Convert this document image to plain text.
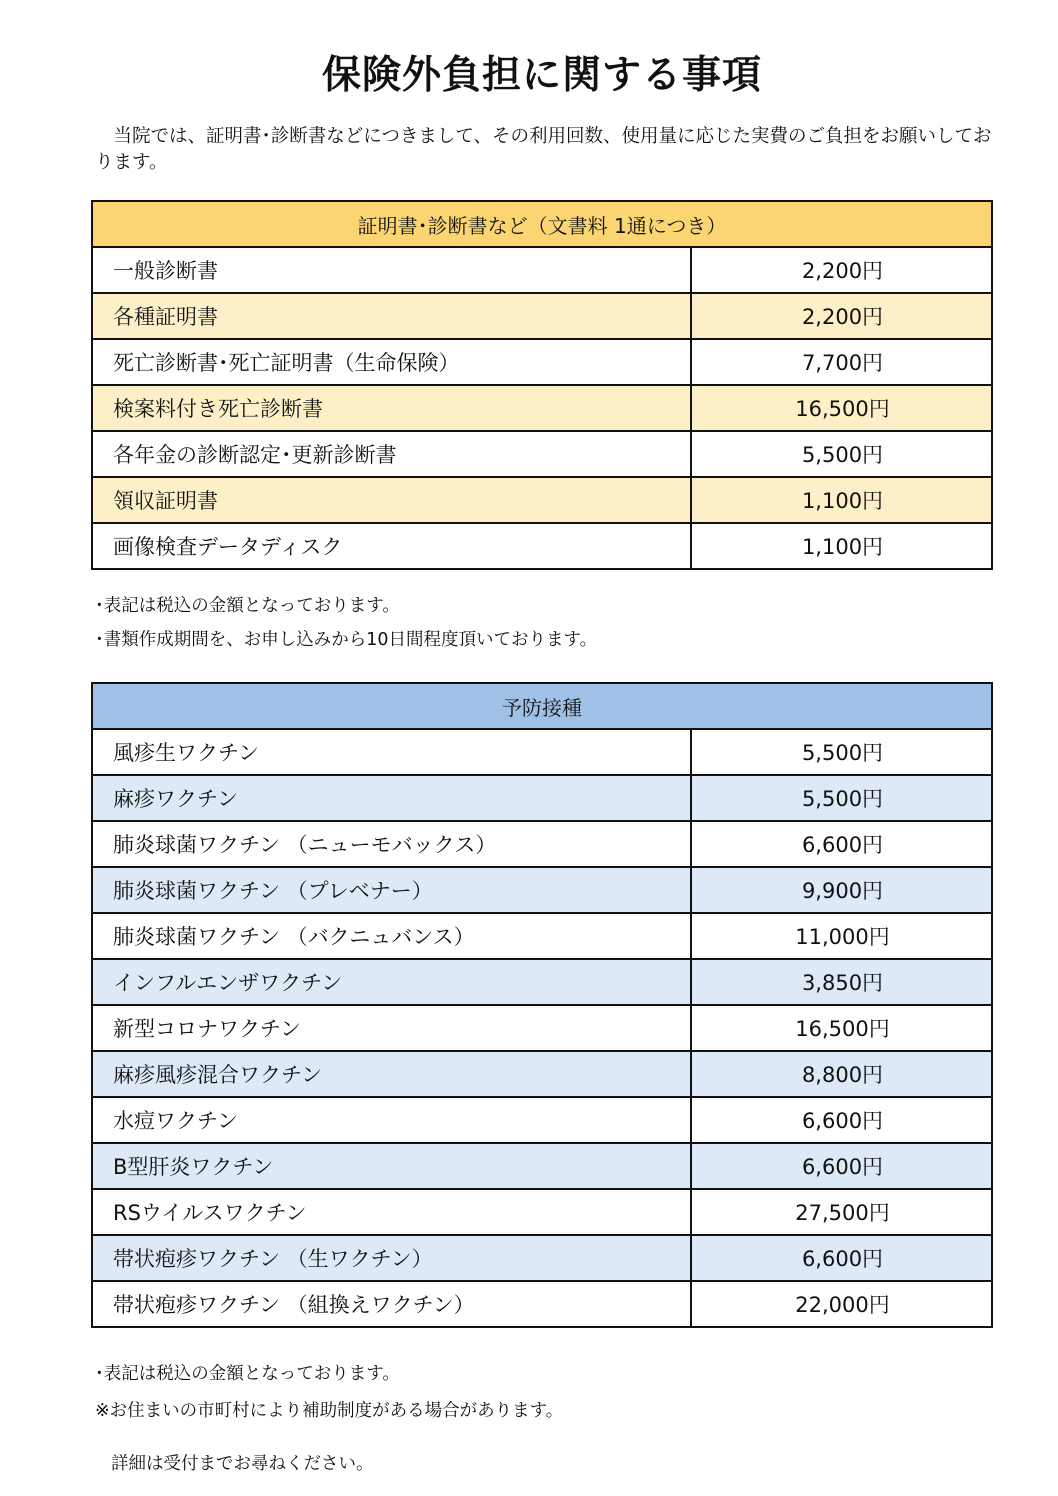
保険外負担に関する事項

当院では、証明書･診断書などにつきまして、その利用回数、使用量に応じた実費のご負担をお願いしております。

証明書･診断書など（文書料 1通につき）	
一般診断書	2,200円
各種証明書	2,200円
死亡診断書･死亡証明書（生命保険）	7,700円
検案料付き死亡診断書	16,500円
各年金の診断認定･更新診断書	5,500円
領収証明書	1,100円
画像検査データディスク	1,100円

･表記は税込の金額となっております。

･書類作成期間を、お申し込みから10日間程度頂いております。

予防接種	
風疹生ワクチン	5,500円
麻疹ワクチン	5,500円
肺炎球菌ワクチン （ニューモバックス）	6,600円
肺炎球菌ワクチン （プレベナー）	9,900円
肺炎球菌ワクチン （バクニュバンス）	11,000円
インフルエンザワクチン	3,850円
新型コロナワクチン	16,500円
麻疹風疹混合ワクチン	8,800円
水痘ワクチン	6,600円
B型肝炎ワクチン	6,600円
RSウイルスワクチン	27,500円
帯状疱疹ワクチン （生ワクチン）	6,600円
帯状疱疹ワクチン （組換えワクチン）	22,000円

･表記は税込の金額となっております。

※お住まいの市町村により補助制度がある場合があります。

詳細は受付までお尋ねください。
